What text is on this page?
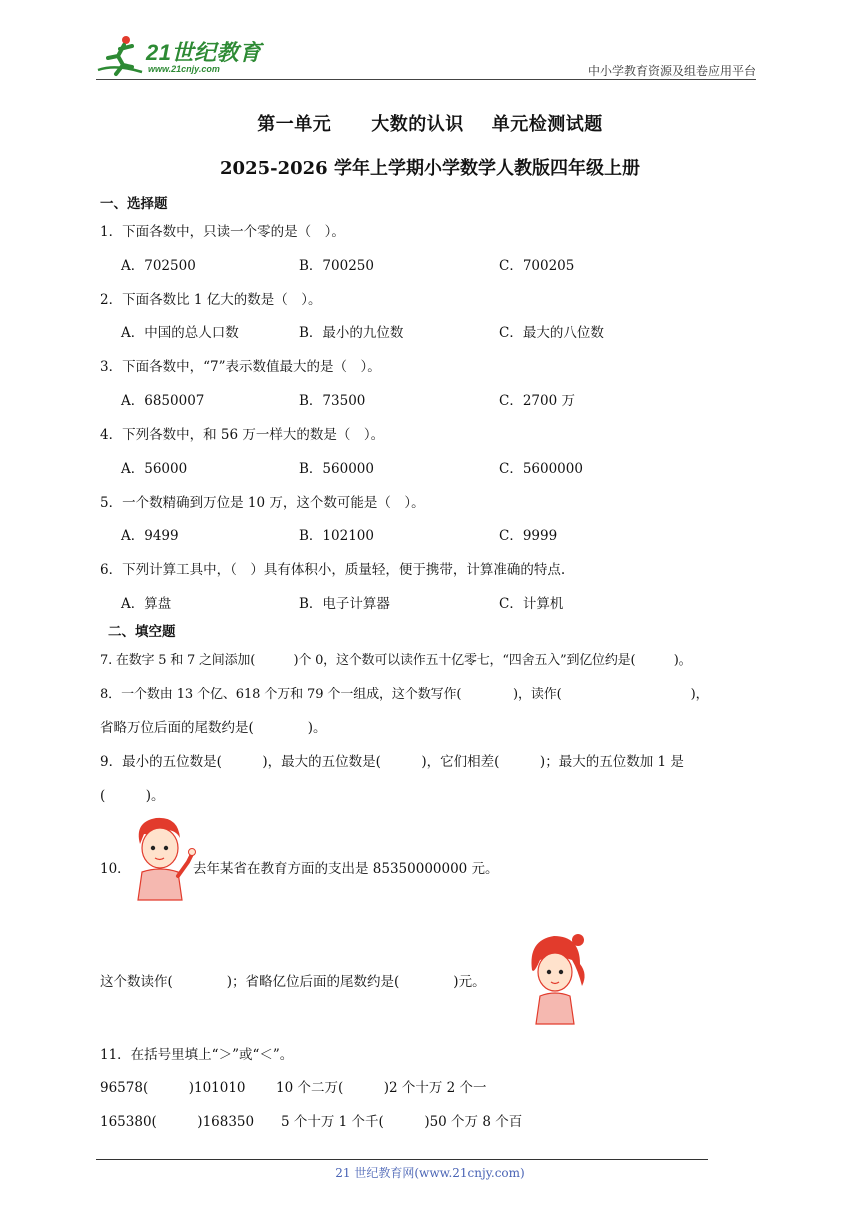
21世纪教育
www.21cnjy.com	中小学教育资源及组卷应用平台
第一单元 大数的认识 单元检测试题
2025-2026 学年上学期小学数学人教版四年级上册
一、选择题
1．下面各数中，只读一个零的是（　）。
A．702500	B．700250	C．700205
2．下面各数比 1 亿大的数是（　）。
A．中国的总人口数	B．最小的九位数	C．最大的八位数
3．下面各数中，“7”表示数值最大的是（　）。
A．6850007	B．73500	C．2700 万
4．下列各数中，和 56 万一样大的数是（　）。
A．56000	B．560000	C．5600000
5．一个数精确到万位是 10 万，这个数可能是（　）。
A．9499	B．102100	C．9999
6．下列计算工具中，（　）具有体积小，质量轻，便于携带，计算准确的特点.
A．算盘	B．电子计算器	C．计算机
二、填空题
7. 在数字 5 和 7 之间添加(　　　)个 0，这个数可以读作五十亿零七，“四舍五入”到亿位约是(　　　)。
8．一个数由 13 个亿、618 个万和 79 个一组成，这个数写作(　　　　)，读作(　　　　　　　　　　)，
省略万位后面的尾数约是(　　　　)。
9．最小的五位数是(　　　)，最大的五位数是(　　　)，它们相差(　　　)；最大的五位数加 1 是
(　　　)。
10．	去年某省在教育方面的支出是 85350000000 元。
这个数读作(　　　　)；省略亿位后面的尾数约是(　　　　)元。
11．在括号里填上“＞”或“＜”。
96578(　　　)101010 10 个二万(　　　)2 个十万 2 个一
165380(　　　)168350 5 个十万 1 个千(　　　)50 个万 8 个百
21 世纪教育网(www.21cnjy.com)
